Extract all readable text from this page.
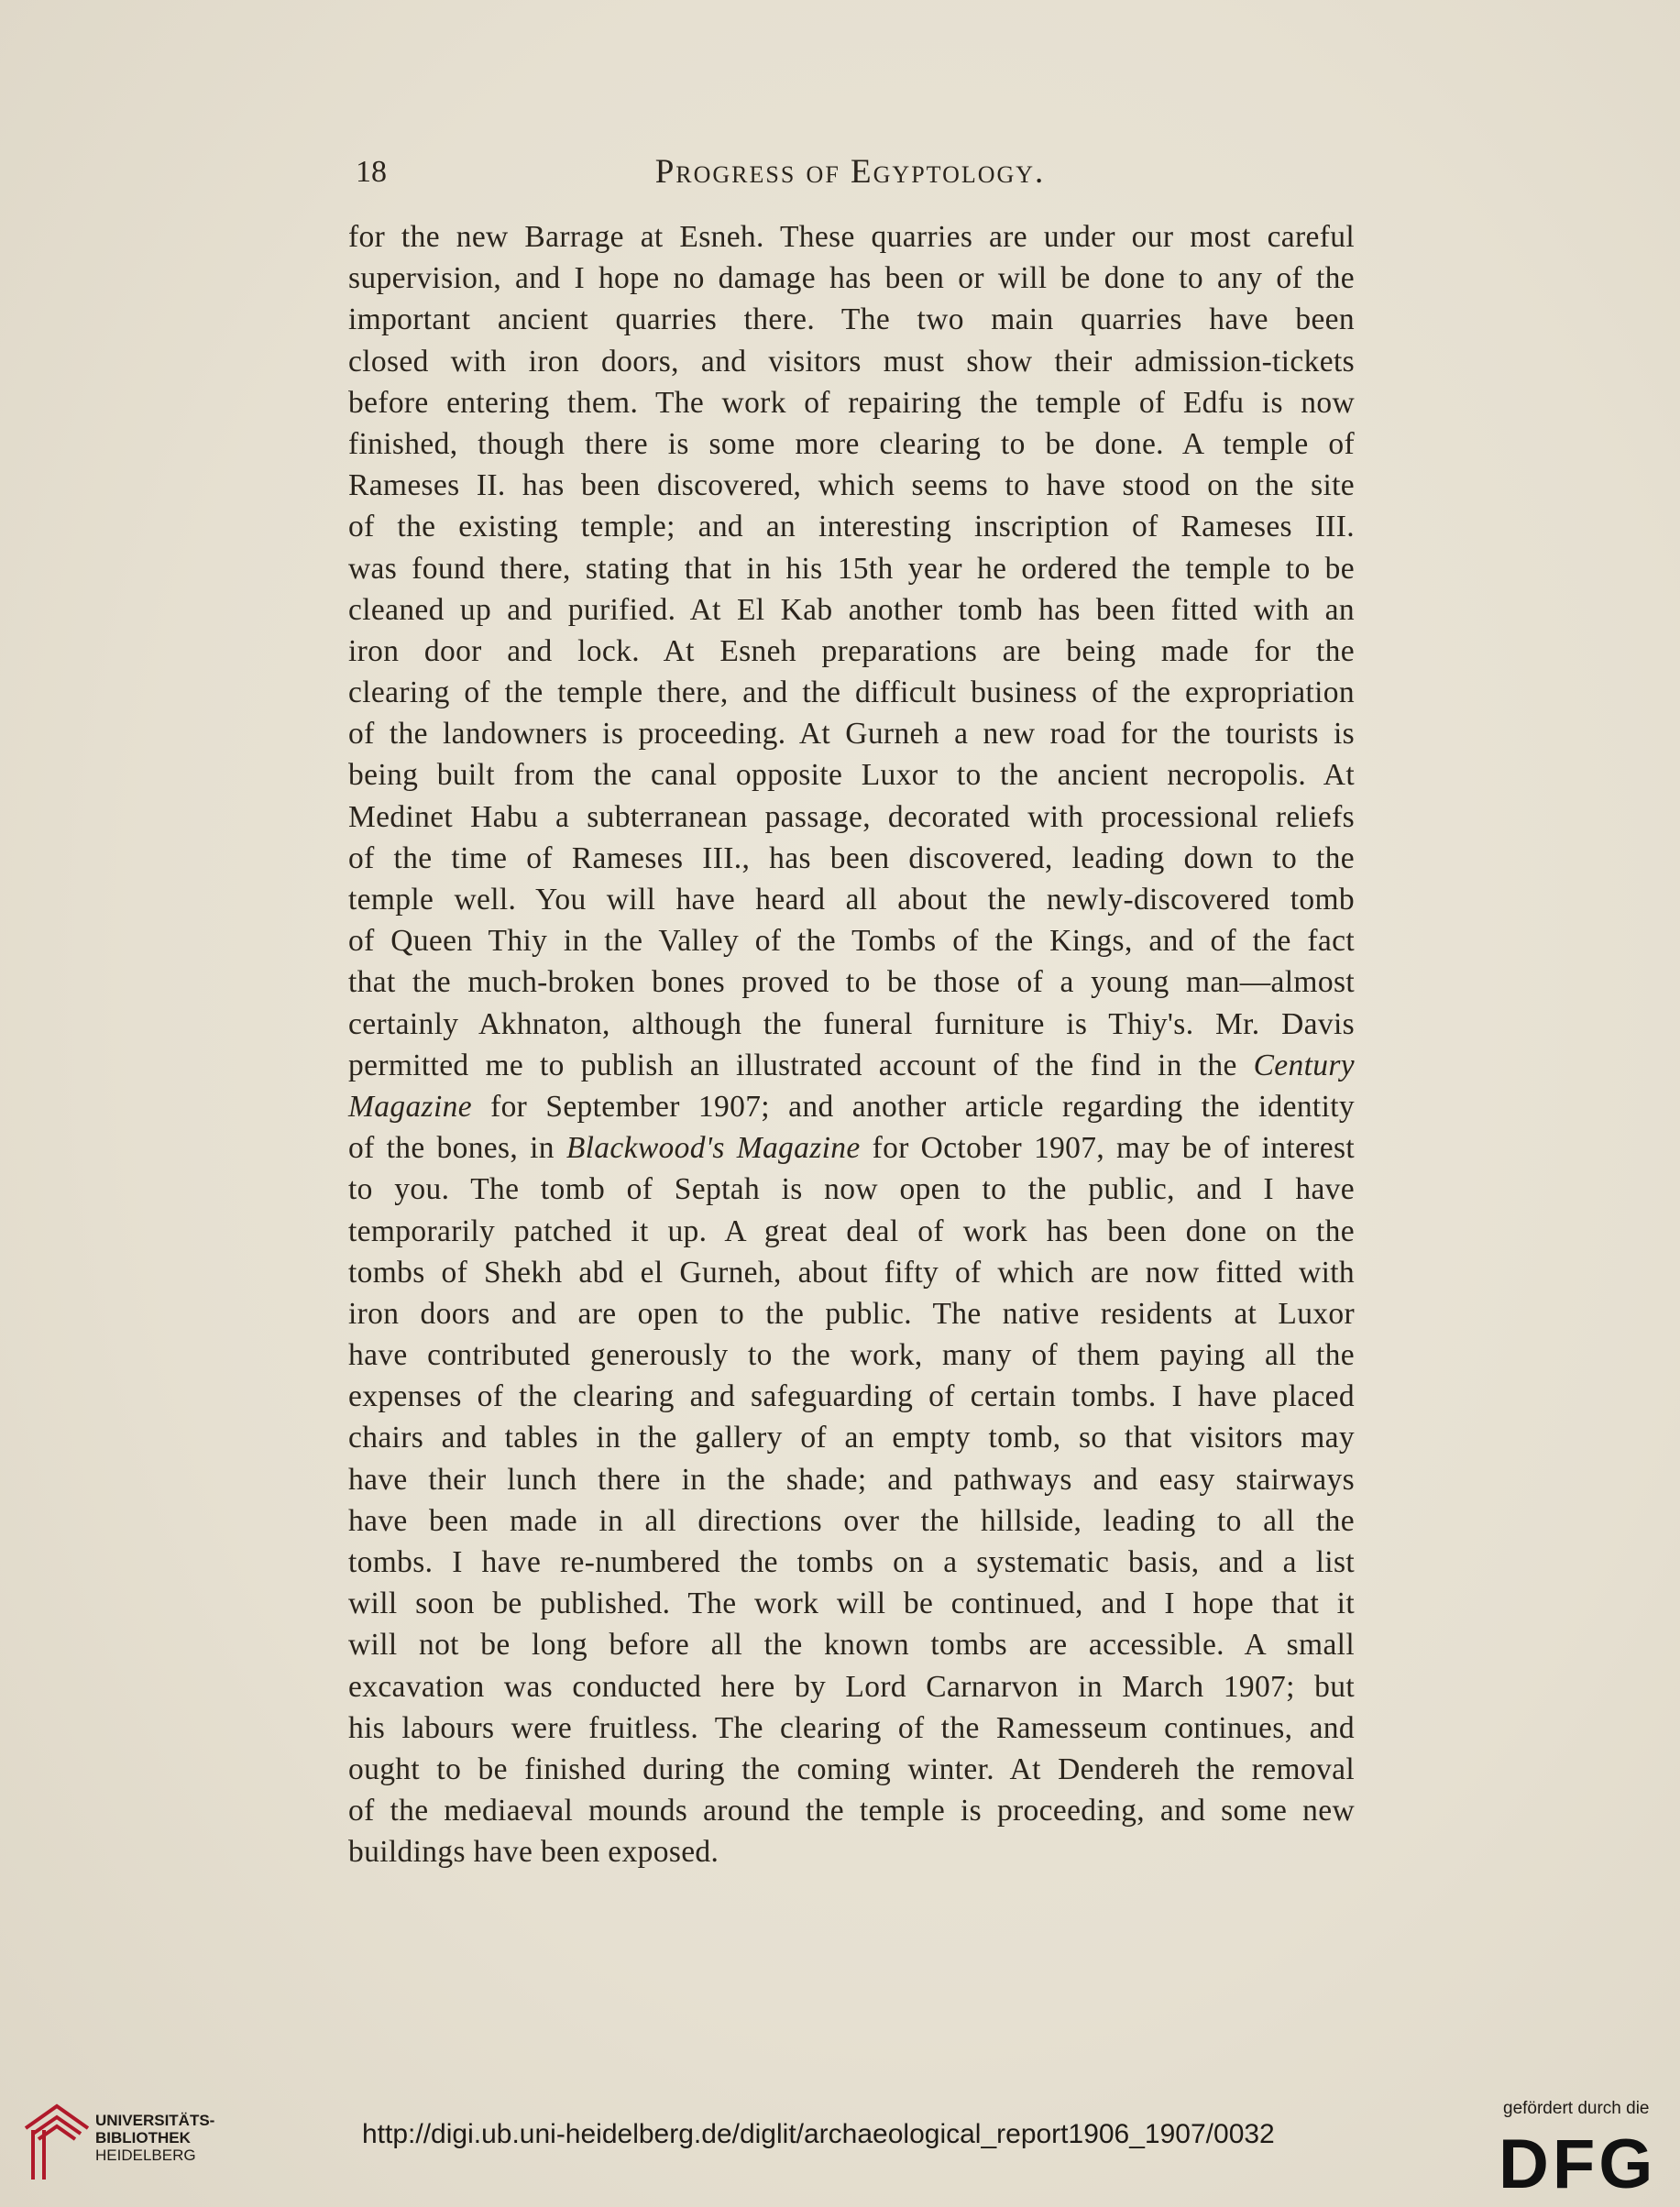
18	Progress of Egyptology.
for the new Barrage at Esneh. These quarries are under our most careful
supervision, and I hope no damage has been or will be done to any of the
important ancient quarries there. The two main quarries have been
closed with iron doors, and visitors must show their admission-tickets
before entering them. The work of repairing the temple of Edfu is now
finished, though there is some more clearing to be done. A temple of
Rameses II. has been discovered, which seems to have stood on the site
of the existing temple; and an interesting inscription of Rameses III.
was found there, stating that in his 15th year he ordered the temple to be
cleaned up and purified. At El Kab another tomb has been fitted with an
iron door and lock. At Esneh preparations are being made for the
clearing of the temple there, and the difficult business of the expropriation
of the landowners is proceeding. At Gurneh a new road for the tourists is
being built from the canal opposite Luxor to the ancient necropolis. At
Medinet Habu a subterranean passage, decorated with processional reliefs
of the time of Rameses III., has been discovered, leading down to the
temple well. You will have heard all about the newly-discovered tomb
of Queen Thiy in the Valley of the Tombs of the Kings, and of the fact
that the much-broken bones proved to be those of a young man—almost
certainly Akhnaton, although the funeral furniture is Thiy's. Mr. Davis
permitted me to publish an illustrated account of the find in the Century
Magazine for September 1907; and another article regarding the identity
of the bones, in Blackwood's Magazine for October 1907, may be of interest
to you. The tomb of Septah is now open to the public, and I have
temporarily patched it up. A great deal of work has been done on the
tombs of Shekh abd el Gurneh, about fifty of which are now fitted with
iron doors and are open to the public. The native residents at Luxor
have contributed generously to the work, many of them paying all the
expenses of the clearing and safeguarding of certain tombs. I have placed
chairs and tables in the gallery of an empty tomb, so that visitors may
have their lunch there in the shade; and pathways and easy stairways
have been made in all directions over the hillside, leading to all the
tombs. I have re-numbered the tombs on a systematic basis, and a list
will soon be published. The work will be continued, and I hope that it
will not be long before all the known tombs are accessible. A small
excavation was conducted here by Lord Carnarvon in March 1907; but
his labours were fruitless. The clearing of the Ramesseum continues, and
ought to be finished during the coming winter. At Dendereh the removal
of the mediaeval mounds around the temple is proceeding, and some new
buildings have been exposed.
UNIVERSITÄTS-
BIBLIOTHEK
HEIDELBERG
http://digi.ub.uni-heidelberg.de/diglit/archaeological_report1906_1907/0032
gefördert durch die
DFG
